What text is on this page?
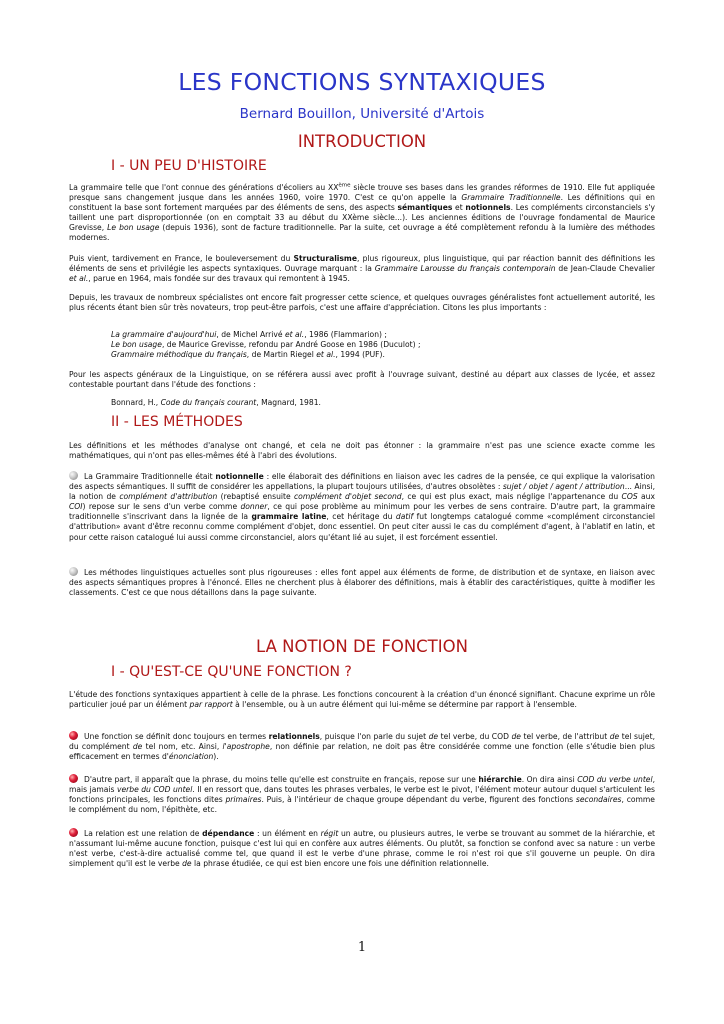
LES FONCTIONS SYNTAXIQUES
Bernard Bouillon, Université d'Artois
INTRODUCTION
I - UN PEU D'HISTOIRE
La grammaire telle que l'ont connue des générations d'écoliers au XXème siècle trouve ses bases dans les grandes réformes de 1910. Elle fut appliquée presque sans changement jusque dans les années 1960, voire 1970. C'est ce qu'on appelle la Grammaire Traditionnelle. Les définitions qui en constituent la base sont fortement marquées par des éléments de sens, des aspects sémantiques et notionnels. Les compléments circonstanciels s'y taillent une part disproportionnée (on en comptait 33 au début du XXème siècle...). Les anciennes éditions de l'ouvrage fondamental de Maurice Grevisse, Le bon usage (depuis 1936), sont de facture traditionnelle. Par la suite, cet ouvrage a été complètement refondu à la lumière des méthodes modernes.
Puis vient, tardivement en France, le bouleversement du Structuralisme, plus rigoureux, plus linguistique, qui par réaction bannit des définitions les éléments de sens et privilégie les aspects syntaxiques. Ouvrage marquant : la Grammaire Larousse du français contemporain de Jean-Claude Chevalier et al., parue en 1964, mais fondée sur des travaux qui remontent à 1945.
Depuis, les travaux de nombreux spécialistes ont encore fait progresser cette science, et quelques ouvrages généralistes font actuellement autorité, les plus récents étant bien sûr très novateurs, trop peut-être parfois, c'est une affaire d'appréciation. Citons les plus importants :
La grammaire d'aujourd'hui, de Michel Arrivé et al., 1986 (Flammarion) ;
Le bon usage, de Maurice Grevisse, refondu par André Goose en 1986 (Duculot) ;
Grammaire méthodique du français, de Martin Riegel et al., 1994 (PUF).
Pour les aspects généraux de la Linguistique, on se référera aussi avec profit à l'ouvrage suivant, destiné au départ aux classes de lycée, et assez contestable pourtant dans l'étude des fonctions :
Bonnard, H., Code du français courant, Magnard, 1981.
II - LES MÉTHODES
Les définitions et les méthodes d'analyse ont changé, et cela ne doit pas étonner : la grammaire n'est pas une science exacte comme les mathématiques, qui n'ont pas elles-mêmes été à l'abri des évolutions.
La Grammaire Traditionnelle était notionnelle : elle élaborait des définitions en liaison avec les cadres de la pensée, ce qui explique la valorisation des aspects sémantiques. Il suffit de considérer les appellations, la plupart toujours utilisées, d'autres obsolètes : sujet / objet / agent / attribution... Ainsi, la notion de complément d'attribution (rebaptisé ensuite complément d'objet second, ce qui est plus exact, mais néglige l'appartenance du COS aux COI) repose sur le sens d'un verbe comme donner, ce qui pose problème au minimum pour les verbes de sens contraire. D'autre part, la grammaire traditionnelle s'inscrivant dans la lignée de la grammaire latine, cet héritage du datif fut longtemps catalogué comme «complément circonstanciel d'attribution» avant d'être reconnu comme complément d'objet, donc essentiel. On peut citer aussi le cas du complément d'agent, à l'ablatif en latin, et pour cette raison catalogué lui aussi comme circonstanciel, alors qu'étant lié au sujet, il est forcément essentiel.
Les méthodes linguistiques actuelles sont plus rigoureuses : elles font appel aux éléments de forme, de distribution et de syntaxe, en liaison avec des aspects sémantiques propres à l'énoncé. Elles ne cherchent plus à élaborer des définitions, mais à établir des caractéristiques, quitte à modifier les classements. C'est ce que nous détaillons dans la page suivante.
LA NOTION DE FONCTION
I - QU'EST-CE QU'UNE FONCTION ?
L'étude des fonctions syntaxiques appartient à celle de la phrase. Les fonctions concourent à la création d'un énoncé signifiant. Chacune exprime un rôle particulier joué par un élément par rapport à l'ensemble, ou à un autre élément qui lui-même se détermine par rapport à l'ensemble.
Une fonction se définit donc toujours en termes relationnels, puisque l'on parle du sujet de tel verbe, du COD de tel verbe, de l'attribut de tel sujet, du complément de tel nom, etc. Ainsi, l'apostrophe, non définie par relation, ne doit pas être considérée comme une fonction (elle s'étudie bien plus efficacement en termes d'énonciation).
D'autre part, il apparaît que la phrase, du moins telle qu'elle est construite en français, repose sur une hiérarchie. On dira ainsi COD du verbe untel, mais jamais verbe du COD untel. Il en ressort que, dans toutes les phrases verbales, le verbe est le pivot, l'élément moteur autour duquel s'articulent les fonctions principales, les fonctions dites primaires. Puis, à l'intérieur de chaque groupe dépendant du verbe, figurent des fonctions secondaires, comme le complément du nom, l'épithète, etc.
La relation est une relation de dépendance : un élément en régit un autre, ou plusieurs autres, le verbe se trouvant au sommet de la hiérarchie, et n'assumant lui-même aucune fonction, puisque c'est lui qui en confère aux autres éléments. Ou plutôt, sa fonction se confond avec sa nature : un verbe n'est verbe, c'est-à-dire actualisé comme tel, que quand il est le verbe d'une phrase, comme le roi n'est roi que s'il gouverne un peuple. On dira simplement qu'il est le verbe de la phrase étudiée, ce qui est bien encore une fois une définition relationnelle.
1
